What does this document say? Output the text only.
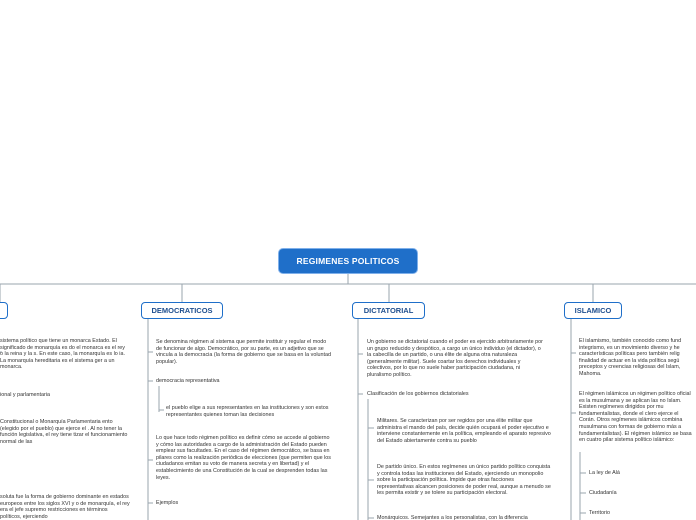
REGIMENES POLITICOS
DEMOCRATICOS	DICTATORIAL	ISLAMICO
sistema político que tiene un monarca Estado. El significado de monarquía es do el monarca es el rey o la reina y la s. En este caso, la monarquía es lo ia. La monarquía hereditaria es el sistema ger a un monarca.
ional y parlamentaria
Constitucional o Monarquía Parlamentaria ento (elegido por el pueblo) que ejerce el . Al no tener la función legislativa, el rey tiene tizar el funcionamiento normal de las
soluta fue la forma de gobierno dominante en estados europeos entre los siglos XVI y o de monarquía, el rey era el jefe supremo restricciones en términos políticos, ejerciendo
Se denomina régimen al sistema que permite instituir y regular el modo de funcionar de algo. Democrático, por su parte, es un adjetivo que se vincula a la democracia (la forma de gobierno que se basa en la voluntad popular).
democracia representativa
el pueblo elige a sus representantes en las instituciones y son estos representantes quienes toman las decisiones
Lo que hace todo régimen político es definir cómo se accede al gobierno y cómo las autoridades a cargo de la administración del Estado pueden emplear sus facultades. En el caso del régimen democrático, se basa en pilares como la realización periódica de elecciones (que permiten que los ciudadanos emitan su voto de manera secreta y en libertad) y el establecimiento de una Constitución de la cual se desprenden todas las leyes.
Ejemplos
Un gobierno se dictatorial cuando el poder es ejercido arbitrariamente por un grupo reducido y despótico, a cargo un único individuo (el dictador), o la cabecilla de un partido, o una élite de alguna otra naturaleza (generalmente militar). Suele coartar los derechos individuales y colectivos, por lo que no suele haber participación ciudadana, ni pluralismo político.
Clasificación de los gobiernos dictatoriales
Militares. Se caracterizan por ser regidos por una élite militar que administra el mando del país, decide quién ocupará el poder ejecutivo e interviene constantemente en la política, empleando el aparato represivo del Estado abiertamente contra su pueblo
De partido único. En estos regímenes un único partido político conquista y controla todas las instituciones del Estado, ejerciendo un monopolio sobre la participación política. Impide que otras facciones representativas alcancen posiciones de poder real, aunque a menudo se les permita existir y se tolere su participación electoral.
Monárquicos. Semejantes a los personalistas, con la diferencia
El islamismo, también conocido como fund integrismo, es un movimiento diverso y he características políticas pero también relig finalidad de actuar en la vida política segú preceptos y creencias religiosas del Islam, Mahoma.
El régimen islámicos un régimen político oficial es la musulmana y se aplican las no Islam. Existen regímenes dirigidos por mu fundamentalistas, donde el clero ejerce el Corán. Otros regímenes islámicos combina musulmana con formas de gobierno más a fundamentalistas). El régimen islámico se basa en cuatro pilar sistema político islámico:
La ley de Alá
Ciudadanía
Territorio
